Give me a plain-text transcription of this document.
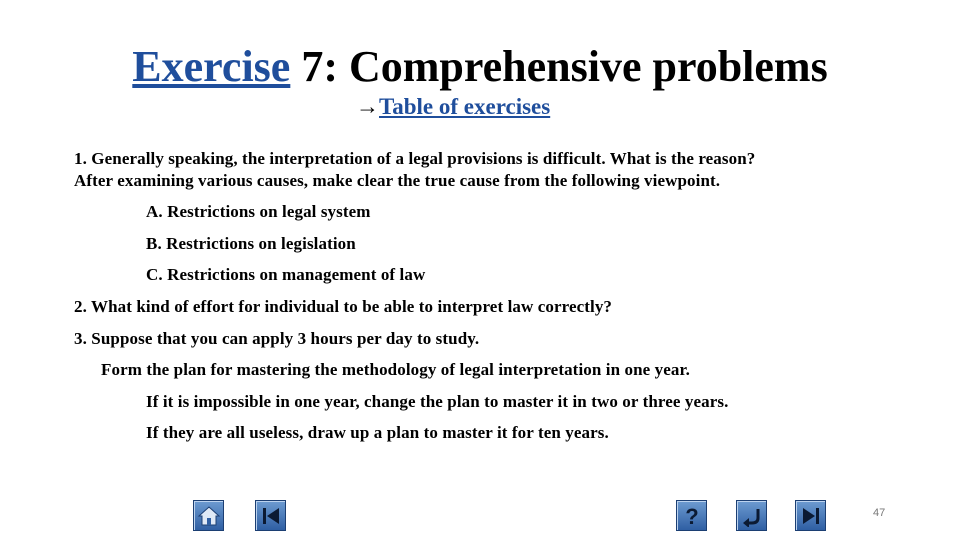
Exercise 7: Comprehensive problems
→Table of exercises
1. Generally speaking, the interpretation of a legal provisions is difficult. What is the reason?
After examining various causes, make clear the true cause from the following viewpoint.
A. Restrictions on legal system
B. Restrictions on legislation
C. Restrictions on management of law
2. What kind of effort for individual to be able to interpret law correctly?
3. Suppose that you can apply 3 hours per day to study.
Form the plan for mastering the methodology of legal interpretation in one year.
If it is impossible in one year, change the plan to master it in two or three years.
If they are all useless, draw up a plan to master it for ten years.
?	47
